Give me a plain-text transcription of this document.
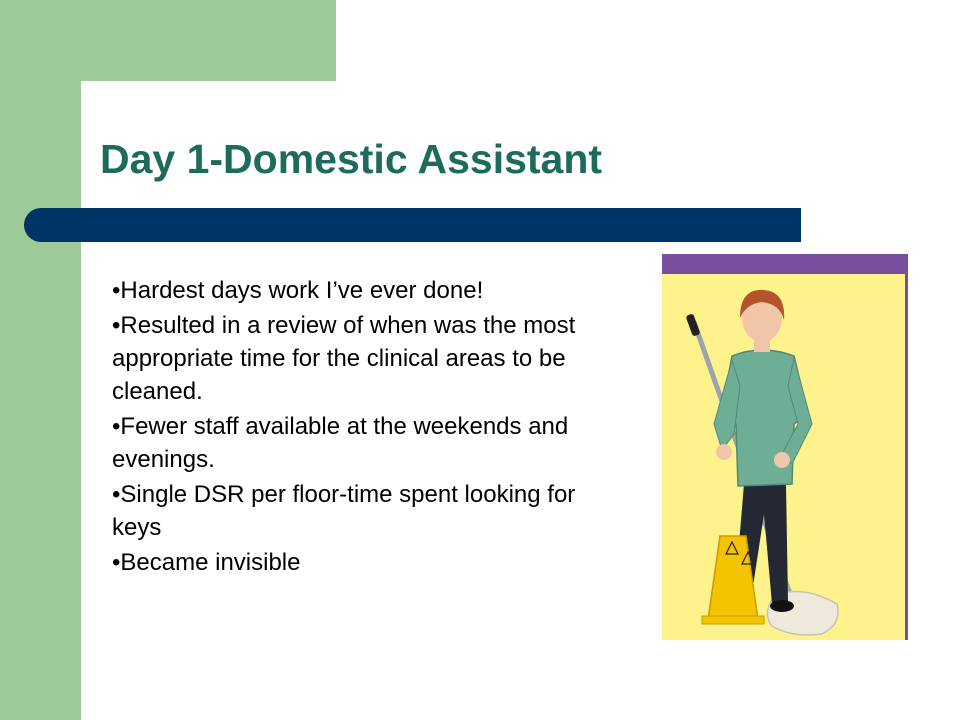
Day 1-Domestic Assistant
•Hardest days work I’ve ever done!
•Resulted in a review of when was the most appropriate time for the clinical areas to be cleaned.
•Fewer staff available at the weekends and evenings.
•Single DSR per floor-time spent looking for keys
•Became invisible
